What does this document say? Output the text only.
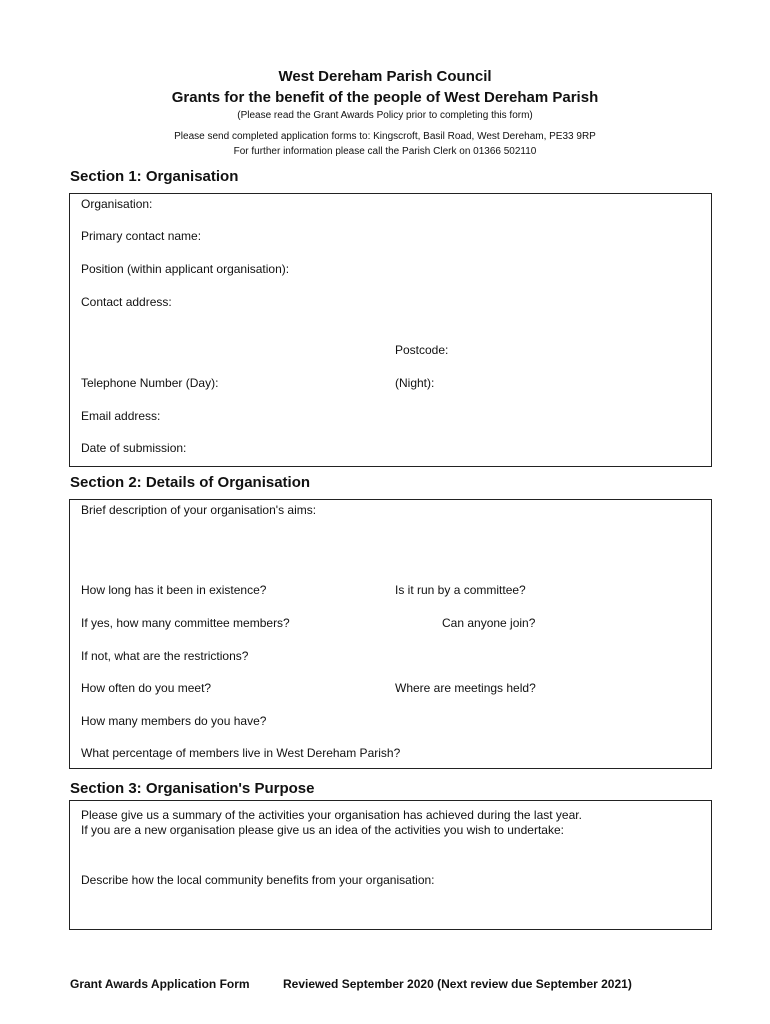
West Dereham Parish Council
Grants for the benefit of the people of West Dereham Parish
(Please read the Grant Awards Policy prior to completing this form)
Please send completed application forms to: Kingscroft, Basil Road, West Dereham, PE33 9RP
For further information please call the Parish Clerk on 01366 502110
Section 1: Organisation
Organisation:
Primary contact name:
Position (within applicant organisation):
Contact address:
Postcode:
Telephone Number (Day):	(Night):
Email address:
Date of submission:
Section 2: Details of Organisation
Brief description of your organisation's aims:
How long has it been in existence?	Is it run by a committee?
If yes, how many committee members?	Can anyone join?
If not, what are the restrictions?
How often do you meet?	Where are meetings held?
How many members do you have?
What percentage of members live in West Dereham Parish?
Section 3: Organisation's Purpose
Please give us a summary of the activities your organisation has achieved during the last year.
If you are a new organisation please give us an idea of the activities you wish to undertake:
Describe how the local community benefits from your organisation:
Grant Awards Application Form	Reviewed September 2020 (Next review due September 2021)
